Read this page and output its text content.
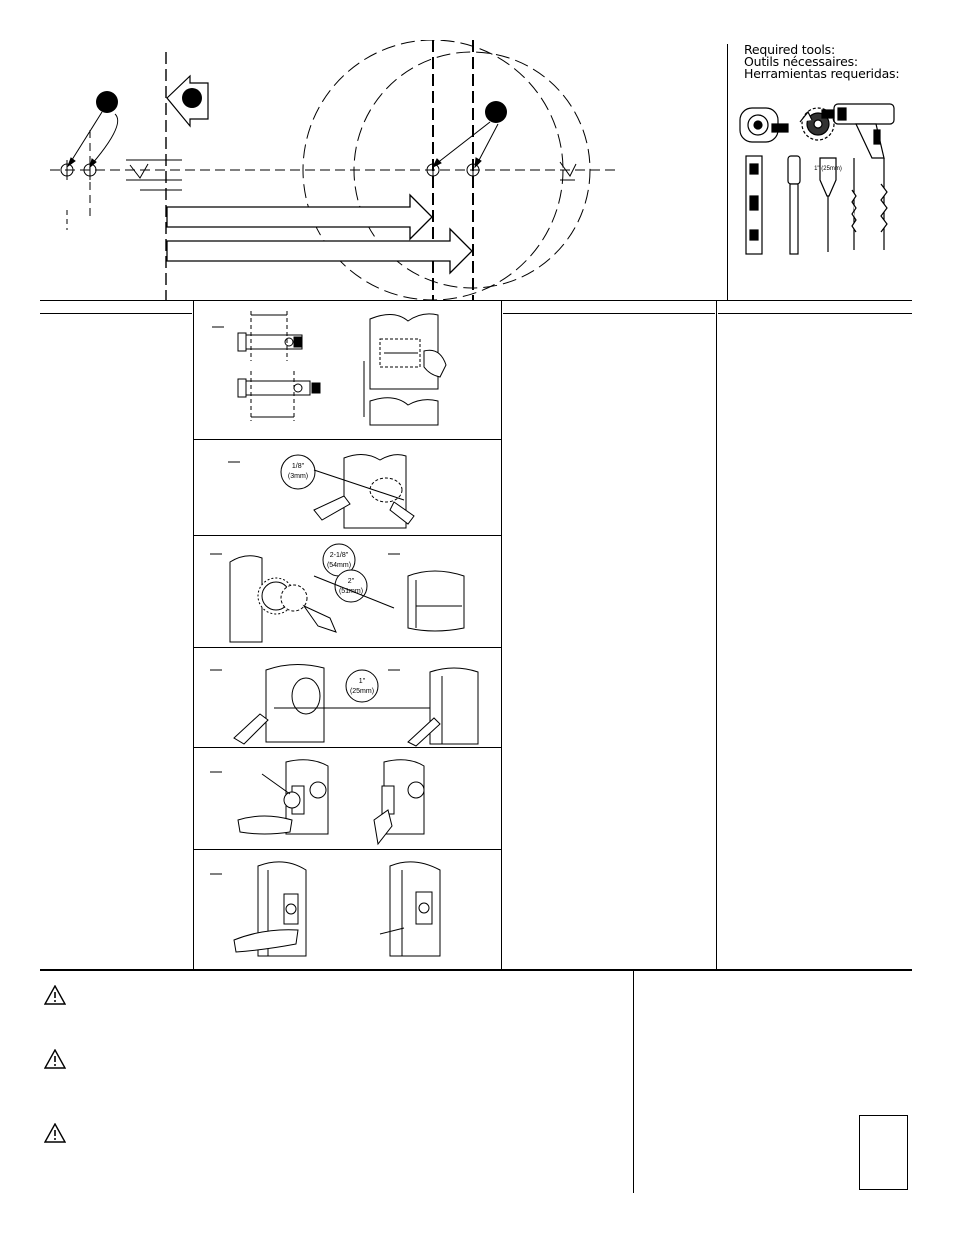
Required tools:
Outils nécessaires:
Herramientas requeridas:
1" (25mm)
1/8"
(3mm)
2-1/8"
(54mm)
2"
(51mm)
1"
(25mm)
